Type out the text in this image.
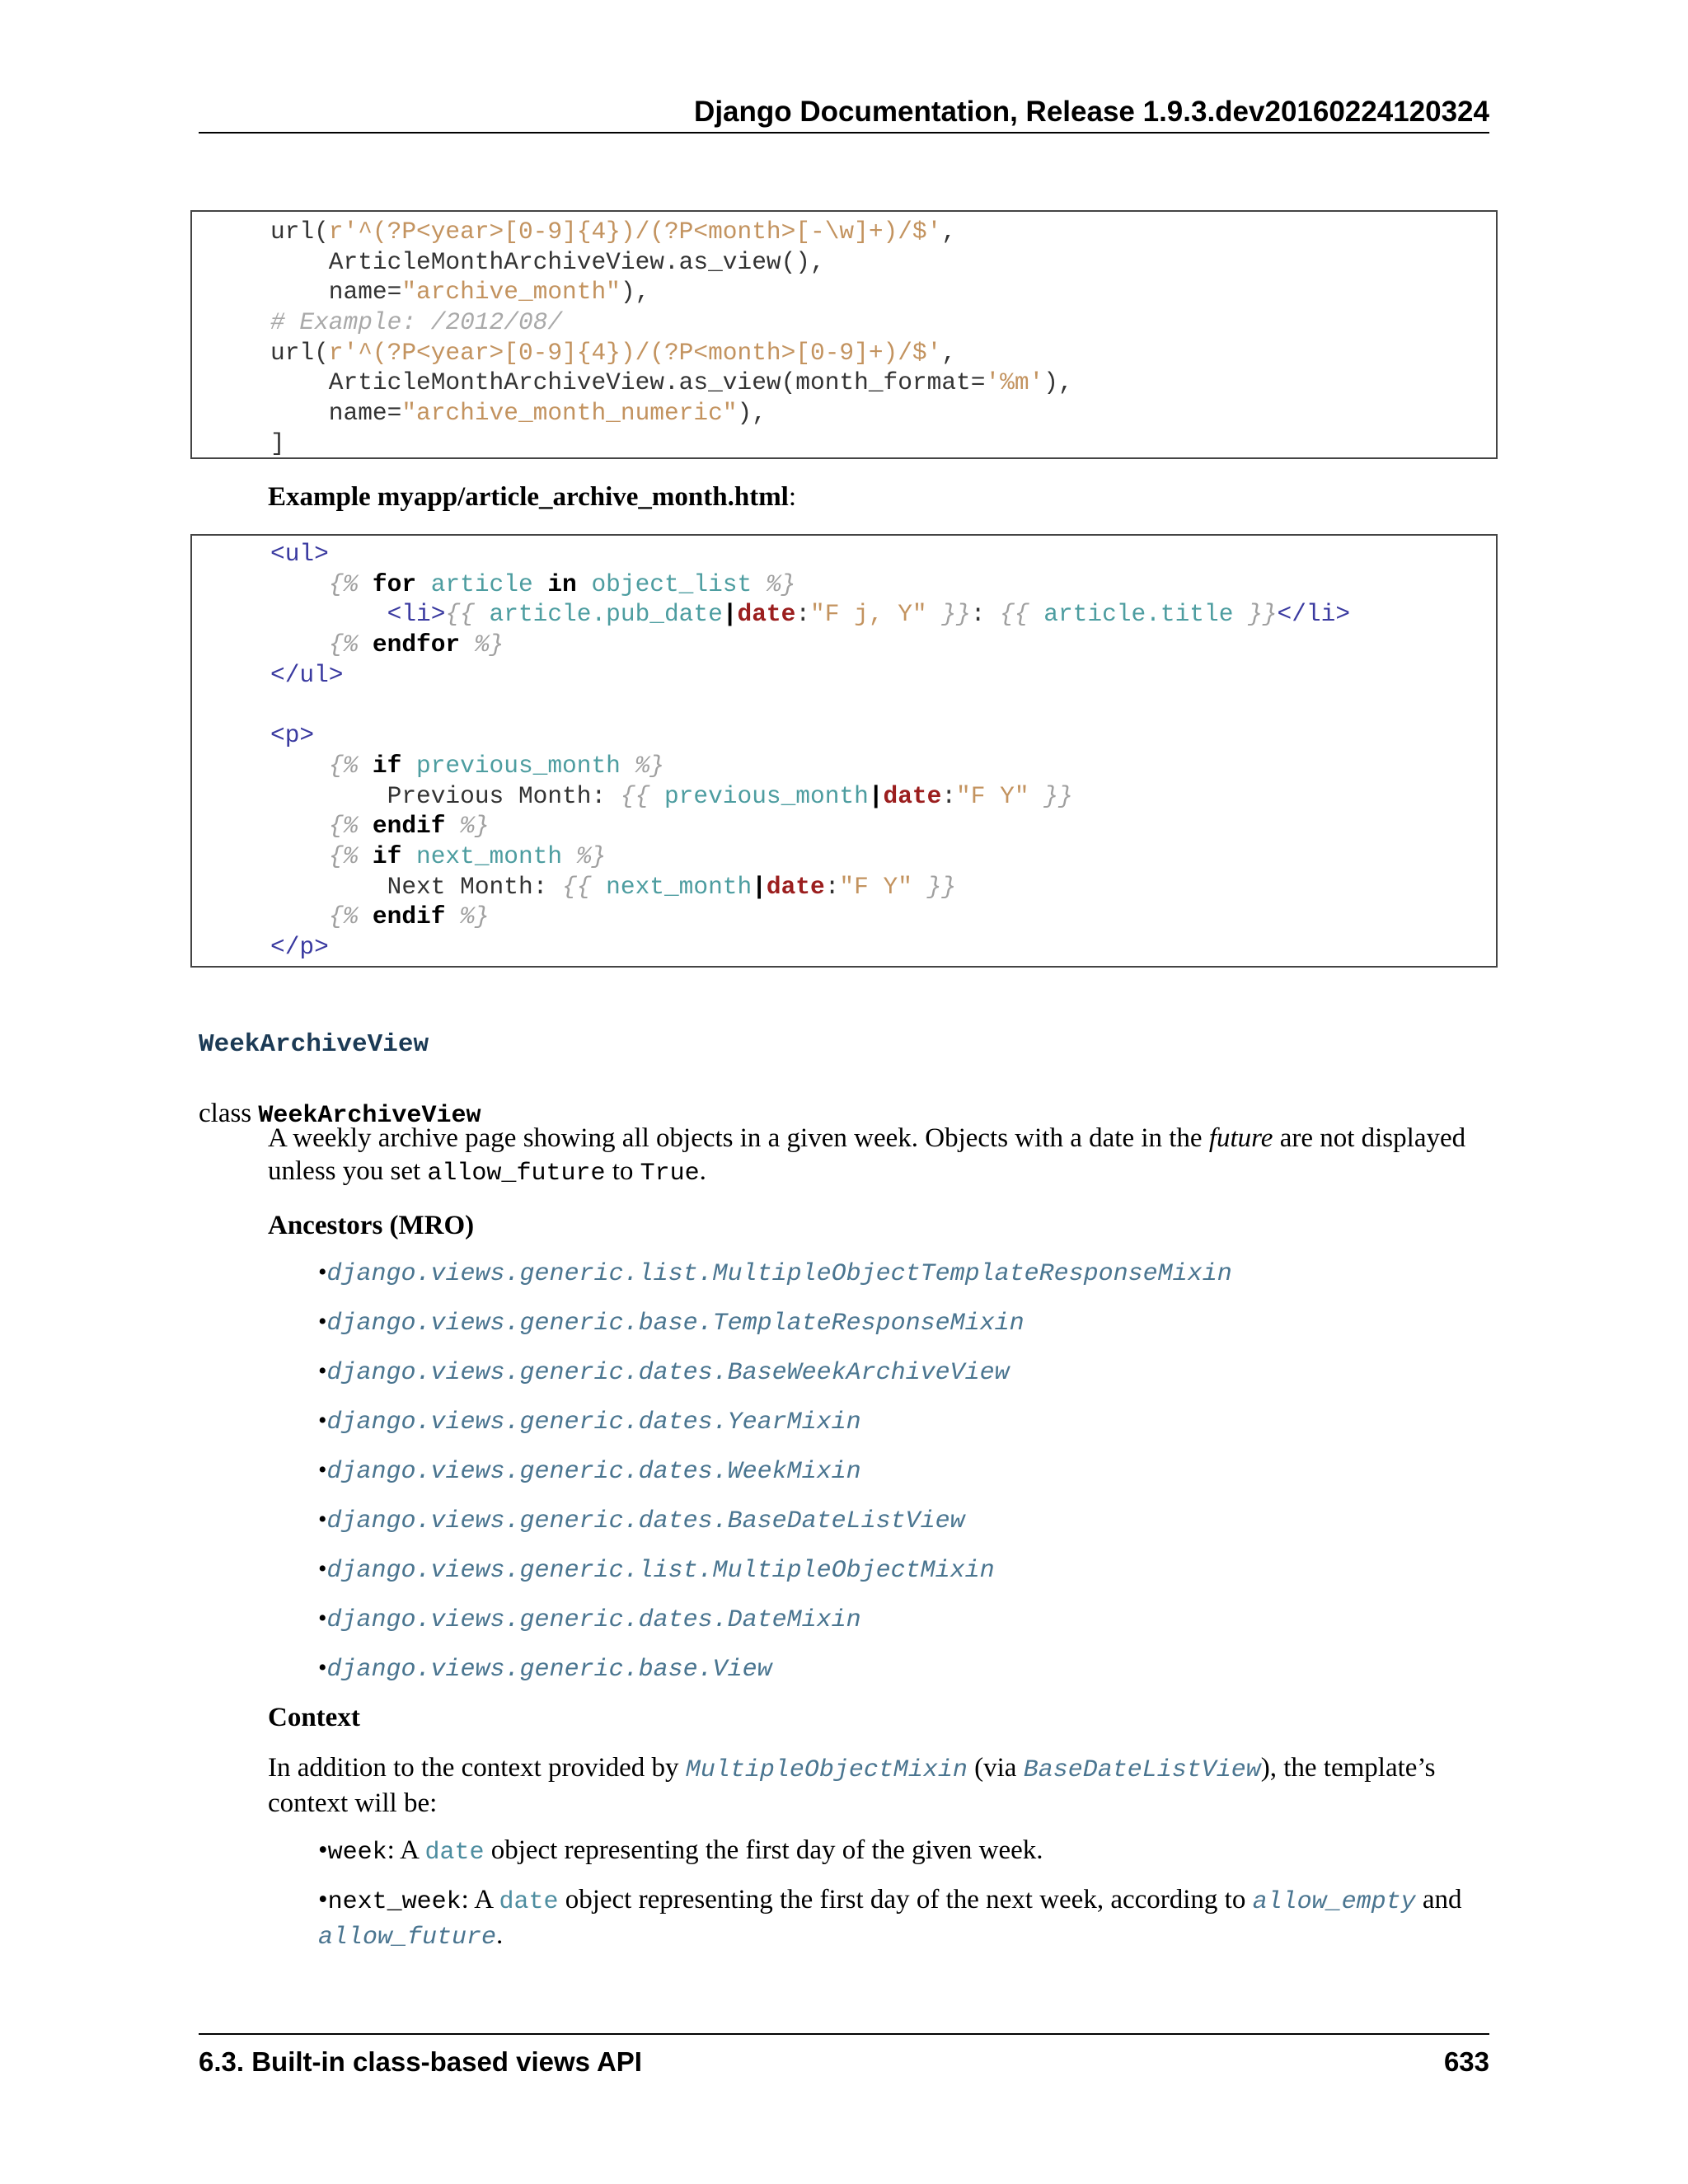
Django Documentation, Release 1.9.3.dev20160224120324
url(r'^(?P<year>[0-9]{4})/(?P<month>[-\w]+)/$',
ArticleMonthArchiveView.as_view(),
name="archive_month"),
# Example: /2012/08/
url(r'^(?P<year>[0-9]{4})/(?P<month>[0-9]+)/$',
ArticleMonthArchiveView.as_view(month_format='%m'),
name="archive_month_numeric"),
]
Example myapp/article_archive_month.html:
<ul>
{% for article in object_list %}
<li>{{ article.pub_date|date:"F j, Y" }}: {{ article.title }}</li>
{% endfor %}
</ul>
<p>
{% if previous_month %}
Previous Month: {{ previous_month|date:"F Y" }}
{% endif %}
{% if next_month %}
Next Month: {{ next_month|date:"F Y" }}
{% endif %}
</p>
WeekArchiveView
class WeekArchiveView
A weekly archive page showing all objects in a given week. Objects with a date in the future are not displayed unless you set allow_future to True.
Ancestors (MRO)
•django.views.generic.list.MultipleObjectTemplateResponseMixin
•django.views.generic.base.TemplateResponseMixin
•django.views.generic.dates.BaseWeekArchiveView
•django.views.generic.dates.YearMixin
•django.views.generic.dates.WeekMixin
•django.views.generic.dates.BaseDateListView
•django.views.generic.list.MultipleObjectMixin
•django.views.generic.dates.DateMixin
•django.views.generic.base.View
Context
In addition to the context provided by MultipleObjectMixin (via BaseDateListView), the template’s context will be:
•week: A date object representing the first day of the given week.
•next_week: A date object representing the first day of the next week, according to allow_empty and allow_future.
6.3. Built-in class-based views API	633
